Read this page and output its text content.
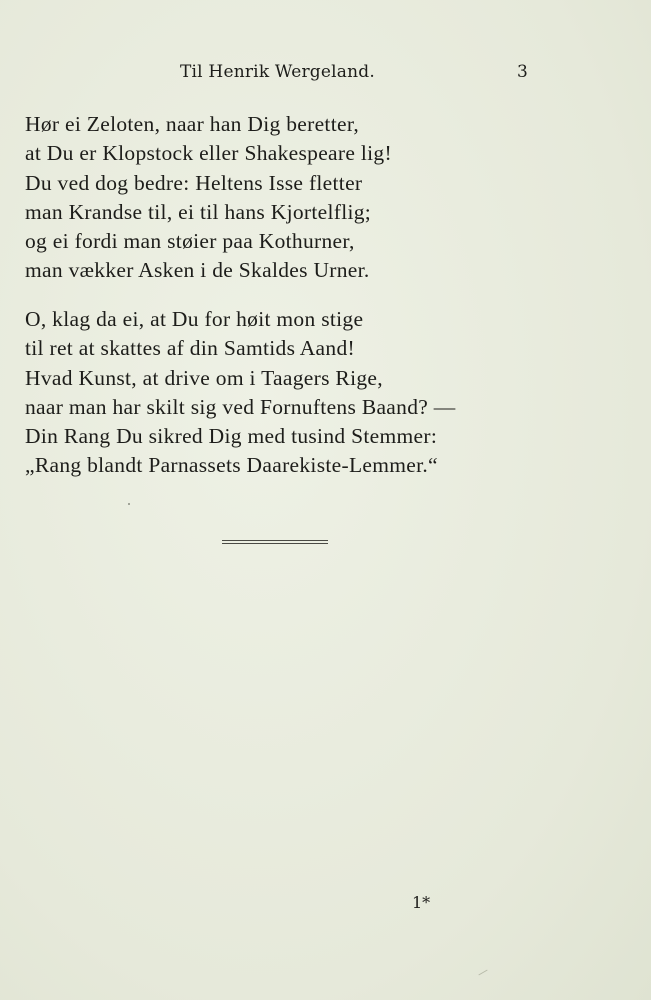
Til Henrik Wergeland.	3
Hør ei Zeloten, naar han Dig beretter,
at Du er Klopstock eller Shakespeare lig!
Du ved dog bedre: Heltens Isse fletter
man Krandse til, ei til hans Kjortelflig;
og ei fordi man støier paa Kothurner,
man vækker Asken i de Skaldes Urner.
O, klag da ei, at Du for høit mon stige
til ret at skattes af din Samtids Aand!
Hvad Kunst, at drive om i Taagers Rige,
naar man har skilt sig ved Fornuftens Baand? —
Din Rang Du sikred Dig med tusind Stemmer:
„Rang blandt Parnassets Daarekiste-Lemmer.“
1*
